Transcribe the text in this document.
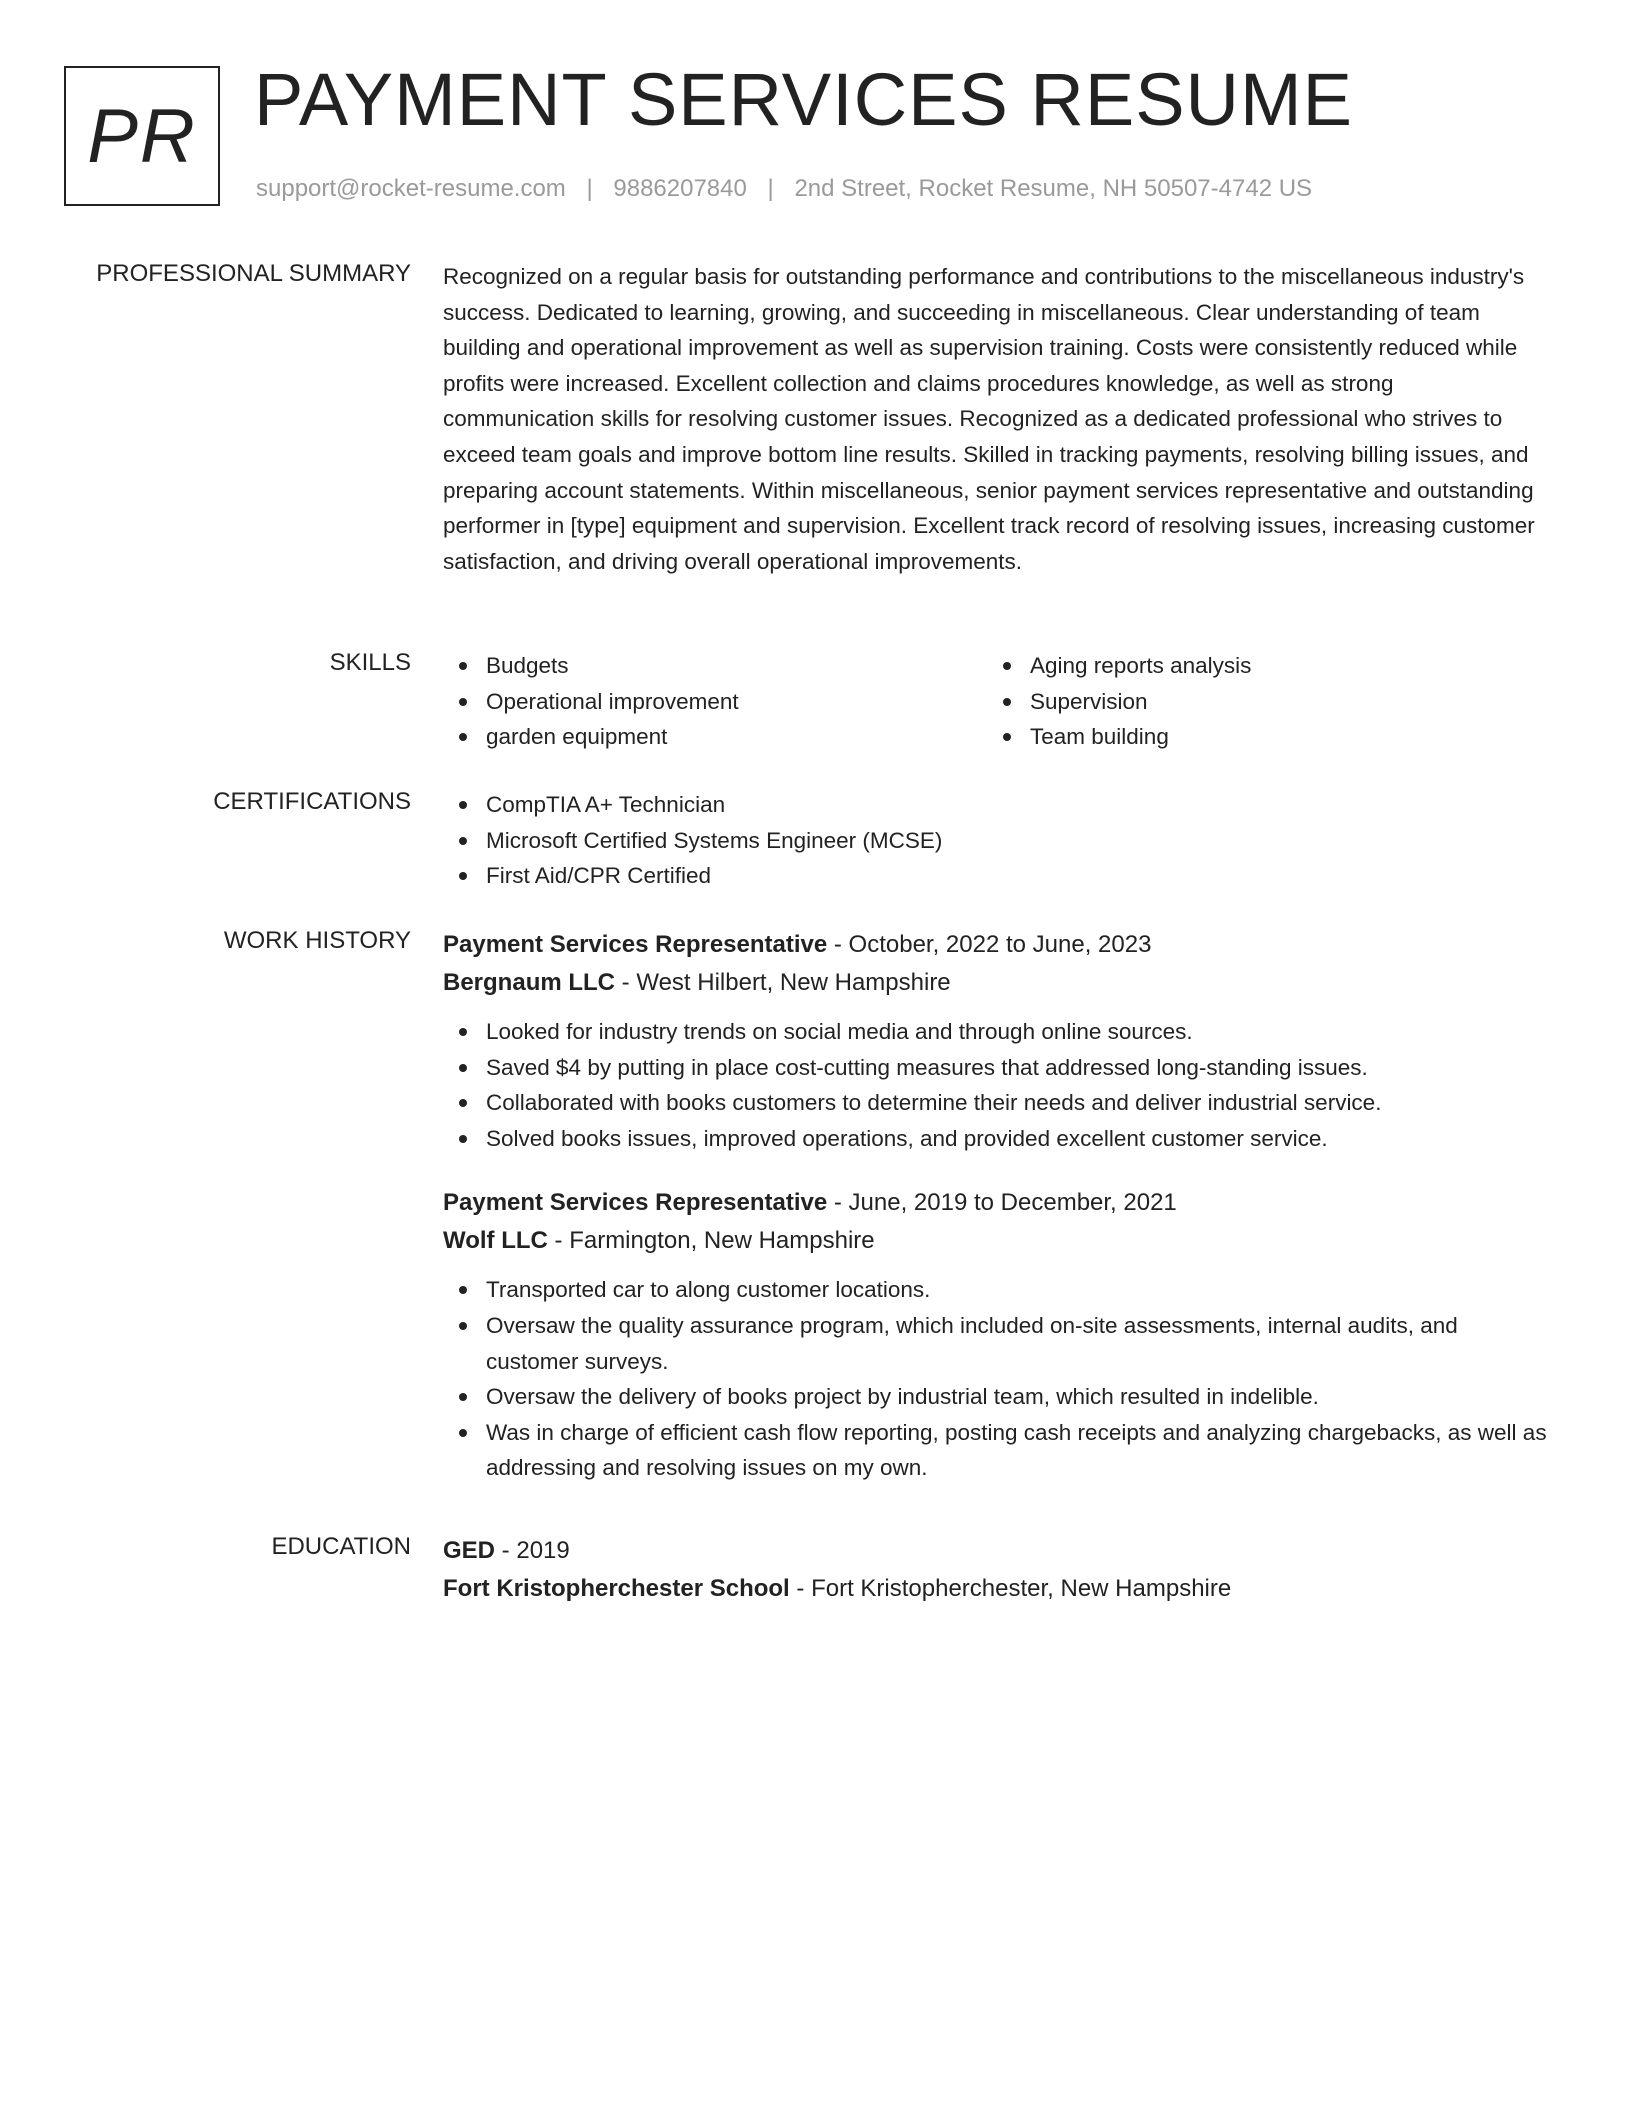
PR PAYMENT SERVICES RESUME
support@rocket-resume.com | 9886207840 | 2nd Street, Rocket Resume, NH 50507-4742 US
PROFESSIONAL SUMMARY Recognized on a regular basis for outstanding performance and contributions to the miscellaneous industry's success. Dedicated to learning, growing, and succeeding in miscellaneous. Clear understanding of team building and operational improvement as well as supervision training. Costs were consistently reduced while profits were increased. Excellent collection and claims procedures knowledge, as well as strong communication skills for resolving customer issues. Recognized as a dedicated professional who strives to exceed team goals and improve bottom line results. Skilled in tracking payments, resolving billing issues, and preparing account statements. Within miscellaneous, senior payment services representative and outstanding performer in [type] equipment and supervision. Excellent track record of resolving issues, increasing customer satisfaction, and driving overall operational improvements.

SKILLS	Budgets
Operational improvement
garden equipment
Aging reports analysis
Supervision
Team building
CERTIFICATIONS	CompTIA A+ Technician
Microsoft Certified Systems Engineer (MCSE)
First Aid/CPR Certified
WORK HISTORY Payment Services Representative - October, 2022 to June, 2023
Bergnaum LLC - West Hilbert, New Hampshire
Looked for industry trends on social media and through online sources.
Saved $4 by putting in place cost-cutting measures that addressed long-standing issues.
Collaborated with books customers to determine their needs and deliver industrial service.
Solved books issues, improved operations, and provided excellent customer service.
Payment Services Representative - June, 2019 to December, 2021
Wolf LLC - Farmington, New Hampshire
Transported car to along customer locations.
Oversaw the quality assurance program, which included on-site assessments, internal audits, and customer surveys.
Oversaw the delivery of books project by industrial team, which resulted in indelible.
Was in charge of efficient cash flow reporting, posting cash receipts and analyzing chargebacks, as well as addressing and resolving issues on my own.
EDUCATION GED - 2019
Fort Kristopherchester School - Fort Kristopherchester, New Hampshire
